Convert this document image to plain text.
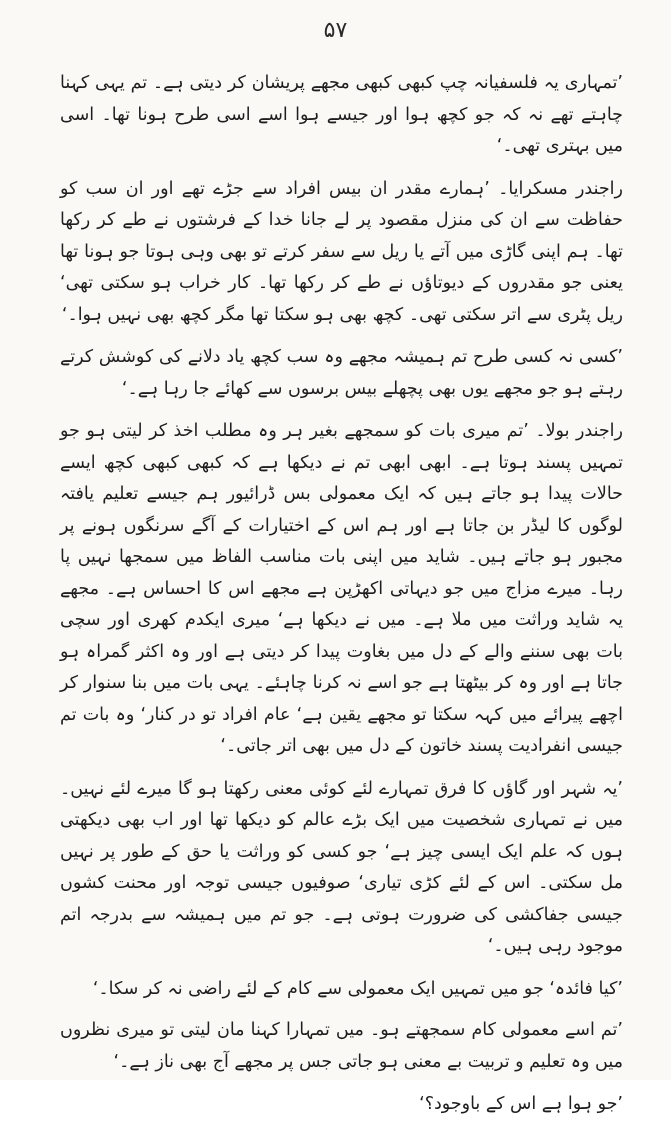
۵۷

’تمہاری یہ فلسفیانہ چپ کبھی کبھی مجھے پریشان کر دیتی ہے۔ تم یہی کہنا چاہتے تھے نہ کہ جو کچھ ہوا اور جیسے ہوا اسے اسی طرح ہونا تھا۔ اسی میں بہتری تھی۔‘

راجندر مسکرایا۔ ’ہمارے مقدر ان بیس افراد سے جڑے تھے اور ان سب کو حفاظت سے ان کی منزل مقصود پر لے جانا خدا کے فرشتوں نے طے کر رکھا تھا۔ ہم اپنی گاڑی میں آتے یا ریل سے سفر کرتے تو بھی وہی ہوتا جو ہونا تھا یعنی جو مقدروں کے دیوتاؤں نے طے کر رکھا تھا۔ کار خراب ہو سکتی تھی‘ ریل پٹری سے اتر سکتی تھی۔ کچھ بھی ہو سکتا تھا مگر کچھ بھی نہیں ہوا۔‘

’کسی نہ کسی طرح تم ہمیشہ مجھے وہ سب کچھ یاد دلانے کی کوشش کرتے رہتے ہو جو مجھے یوں بھی پچھلے بیس برسوں سے کھائے جا رہا ہے۔‘

راجندر بولا۔ ’تم میری بات کو سمجھے بغیر ہر وہ مطلب اخذ کر لیتی ہو جو تمہیں پسند ہوتا ہے۔ ابھی ابھی تم نے دیکھا ہے کہ کبھی کبھی کچھ ایسے حالات پیدا ہو جاتے ہیں کہ ایک معمولی بس ڈرائیور ہم جیسے تعلیم یافتہ لوگوں کا لیڈر بن جاتا ہے اور ہم اس کے اختیارات کے آگے سرنگوں ہونے پر مجبور ہو جاتے ہیں۔ شاید میں اپنی بات مناسب الفاظ میں سمجھا نہیں پا رہا۔ میرے مزاج میں جو دیہاتی اکھڑپن ہے مجھے اس کا احساس ہے۔ مجھے یہ شاید وراثت میں ملا ہے۔ میں نے دیکھا ہے‘ میری ایکدم کھری اور سچی بات بھی سننے والے کے دل میں بغاوت پیدا کر دیتی ہے اور وہ اکثر گمراہ ہو جاتا ہے اور وہ کر بیٹھتا ہے جو اسے نہ کرنا چاہئے۔ یہی بات میں بنا سنوار کر اچھے پیرائے میں کہہ سکتا تو مجھے یقین ہے‘ عام افراد تو در کنار‘ وہ بات تم جیسی انفرادیت پسند خاتون کے دل میں بھی اتر جاتی۔‘

’یہ شہر اور گاؤں کا فرق تمہارے لئے کوئی معنی رکھتا ہو گا میرے لئے نہیں۔ میں نے تمہاری شخصیت میں ایک بڑے عالم کو دیکھا تھا اور اب بھی دیکھتی ہوں کہ علم ایک ایسی چیز ہے‘ جو کسی کو وراثت یا حق کے طور پر نہیں مل سکتی۔ اس کے لئے کڑی تیاری‘ صوفیوں جیسی توجہ اور محنت کشوں جیسی جفاکشی کی ضرورت ہوتی ہے۔ جو تم میں ہمیشہ سے بدرجہ اتم موجود رہی ہیں۔‘

’کیا فائدہ‘ جو میں تمہیں ایک معمولی سے کام کے لئے راضی نہ کر سکا۔‘

’تم اسے معمولی کام سمجھتے ہو۔ میں تمہارا کہنا مان لیتی تو میری نظروں میں وہ تعلیم و تربیت بے معنی ہو جاتی جس پر مجھے آج بھی ناز ہے۔‘

’جو ہوا ہے اس کے باوجود؟‘
